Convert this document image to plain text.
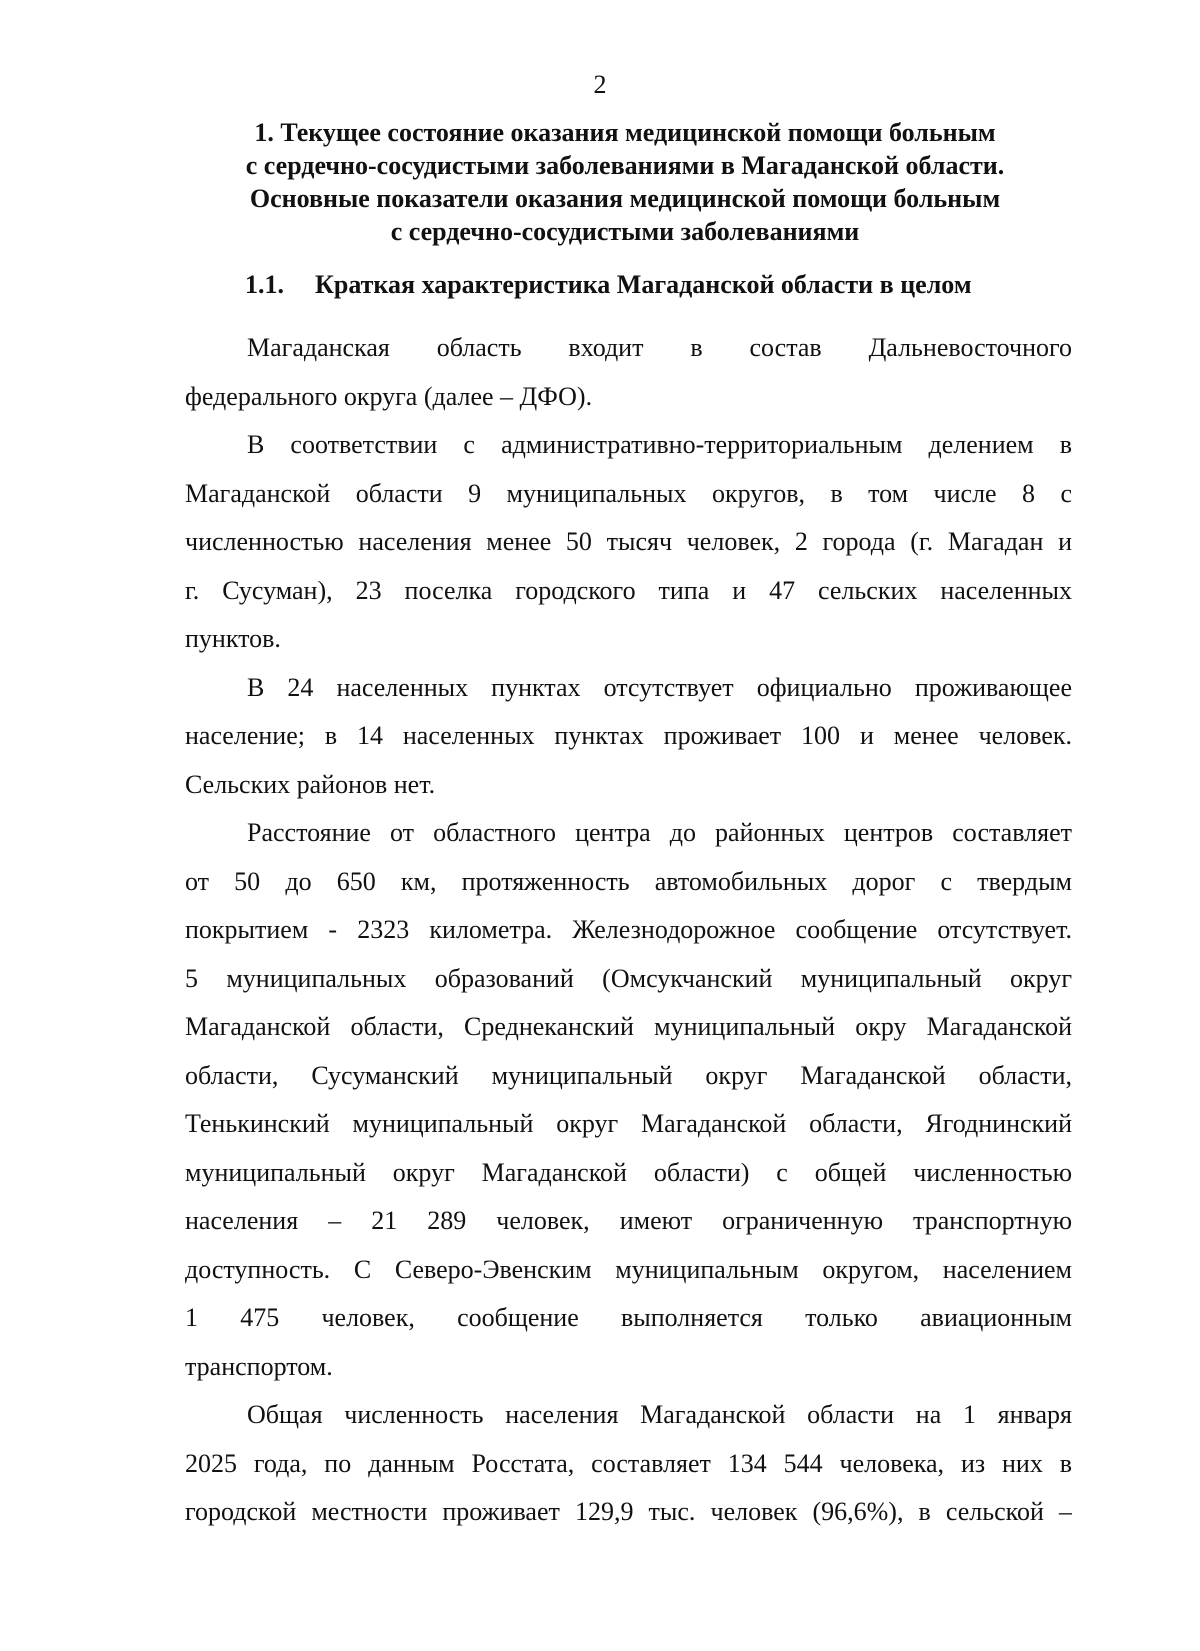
2
1. Текущее состояние оказания медицинской помощи больным
с сердечно-сосудистыми заболеваниями в Магаданской области.
Основные показатели оказания медицинской помощи больным
с сердечно-сосудистыми заболеваниями
1.1. Краткая характеристика Магаданской области в целом
Магаданская область входит в состав Дальневосточного
федерального округа (далее – ДФО).
В соответствии с административно-территориальным делением в
Магаданской области 9 муниципальных округов, в том числе 8 с
численностью населения менее 50 тысяч человек, 2 города (г. Магадан и
г. Сусуман), 23 поселка городского типа и 47 сельских населенных
пунктов.
В 24 населенных пунктах отсутствует официально проживающее
население; в 14 населенных пунктах проживает 100 и менее человек.
Сельских районов нет.
Расстояние от областного центра до районных центров составляет
от 50 до 650 км, протяженность автомобильных дорог с твердым
покрытием - 2323 километра. Железнодорожное сообщение отсутствует.
5 муниципальных образований (Омсукчанский муниципальный округ
Магаданской области, Среднеканский муниципальный окру Магаданской
области, Сусуманский муниципальный округ Магаданской области,
Тенькинский муниципальный округ Магаданской области, Ягоднинский
муниципальный округ Магаданской области) с общей численностью
населения – 21 289 человек, имеют ограниченную транспортную
доступность. С Северо-Эвенским муниципальным округом, населением
1 475 человек, сообщение выполняется только авиационным
транспортом.
Общая численность населения Магаданской области на 1 января
2025 года, по данным Росстата, составляет 134 544 человека, из них в
городской местности проживает 129,9 тыс. человек (96,6%), в сельской –
